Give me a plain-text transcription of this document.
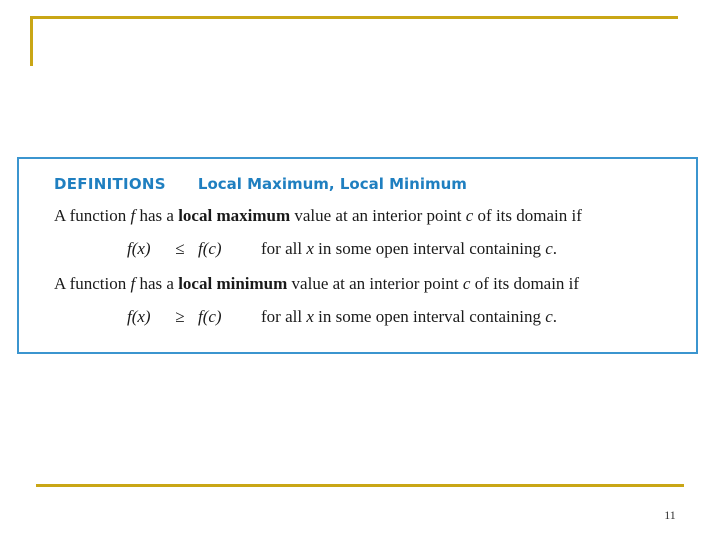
DEFINITIONS Local Maximum, Local Minimum
A function f has a local maximum value at an interior point c of its domain if
f(x)	≤ f(c)	for all x in some open interval containing c.
A function f has a local minimum value at an interior point c of its domain if
f(x)	≥ f(c)	for all x in some open interval containing c.
11
